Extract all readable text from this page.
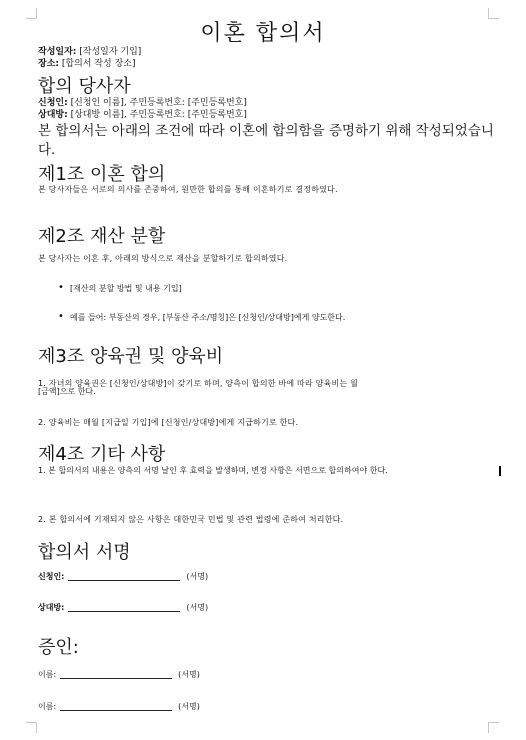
이혼 합의서
작성일자: [작성일자 기입]
장소: [합의서 작성 장소]
합의 당사자
신청인: [신청인 이름], 주민등록번호: [주민등록번호]
상대방: [상대방 이름], 주민등록번호: [주민등록번호]
본 합의서는 아래의 조건에 따라 이혼에 합의함을 증명하기 위해 작성되었습니다.
제1조 이혼 합의
본 당사자들은 서로의 의사를 존중하여, 원만한 합의를 통해 이혼하기로 결정하였다.
제2조 재산 분할
본 당사자는 이혼 후, 아래의 방식으로 재산을 분할하기로 합의하였다.
• [재산의 분할 방법 및 내용 기입]
• 예를 들어: 부동산의 경우, [부동산 주소/명칭]은 [신청인/상대방]에게 양도한다.
제3조 양육권 및 양육비
1. 자녀의 양육권은 [신청인/상대방]이 갖기로 하며, 양측이 합의한 바에 따라 양육비는 월
[금액]으로 한다.
2. 양육비는 매월 [지급일 기입]에 [신청인/상대방]에게 지급하기로 한다.
제4조 기타 사항
1. 본 합의서의 내용은 양측의 서명 날인 후 효력을 발생하며, 변경 사항은 서면으로 합의하여야 한다.
2. 본 합의서에 기재되지 않은 사항은 대한민국 민법 및 관련 법령에 준하여 처리한다.
합의서 서명
신청인:	(서명)
상대방:	(서명)
증인:
이름:	(서명)
이름:	(서명)
